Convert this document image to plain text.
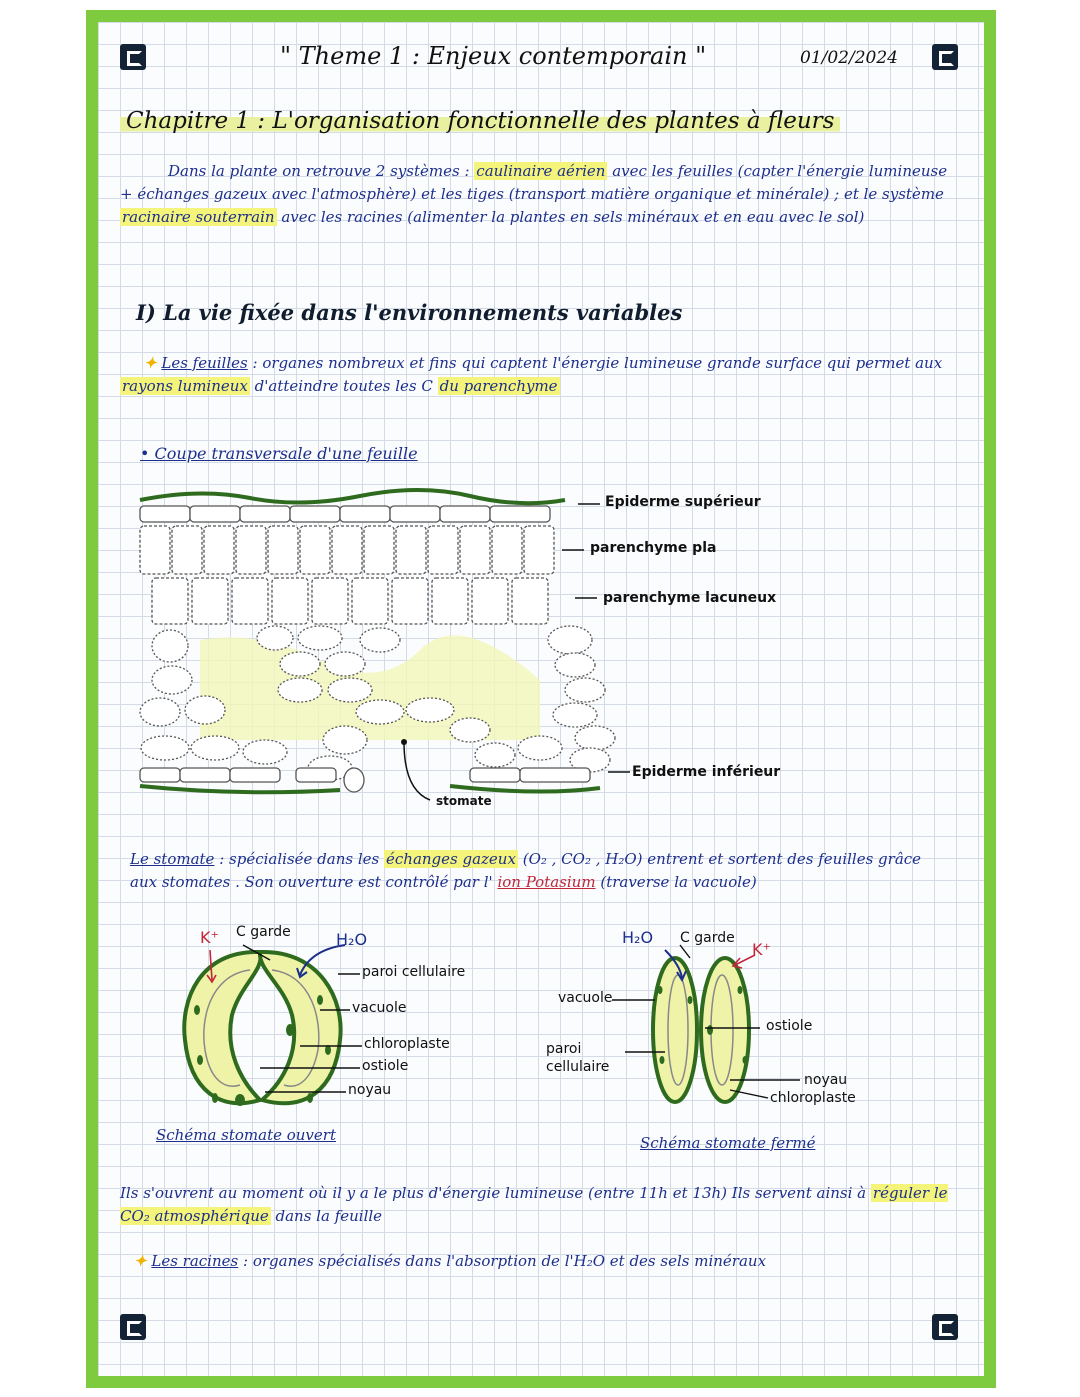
" Theme 1 : Enjeux contemporain "	01/02/2024

Chapitre 1 : L'organisation fonctionnelle des plantes à fleurs

Dans la plante on retrouve 2 systèmes : caulinaire aérien avec les feuilles (capter l'énergie lumineuse + échanges gazeux avec l'atmosphère) et les tiges (transport matière organique et minérale) ; et le système racinaire souterrain avec les racines (alimenter la plantes en sels minéraux et en eau avec le sol)

I) La vie fixée dans l'environnements variables

✦ Les feuilles : organes nombreux et fins qui captent l'énergie lumineuse grande surface qui permet aux rayons lumineux d'atteindre toutes les C du parenchyme

• Coupe transversale d'une feuille

Epiderme supérieur

parenchyme pla

parenchyme lacuneux

Epiderme inférieur

stomate

Le stomate : spécialisée dans les échanges gazeux (O₂ , CO₂ , H₂O) entrent et sortent des feuilles grâce aux stomates . Son ouverture est contrôlé par l' ion Potasium (traverse la vacuole)

K⁺ C garde	H₂O

paroi cellulaire

vacuole

chloroplaste

ostiole

noyau

Schéma stomate ouvert

H₂O C garde

K⁺

vacuole

paroi cellulaire

ostiole

noyau

chloroplaste

Schéma stomate fermé

Ils s'ouvrent au moment où il y a le plus d'énergie lumineuse (entre 11h et 13h) Ils servent ainsi à réguler le CO₂ atmosphérique dans la feuille
✦ Les racines : organes spécialisés dans l'absorption de l'H₂O et des sels minéraux
